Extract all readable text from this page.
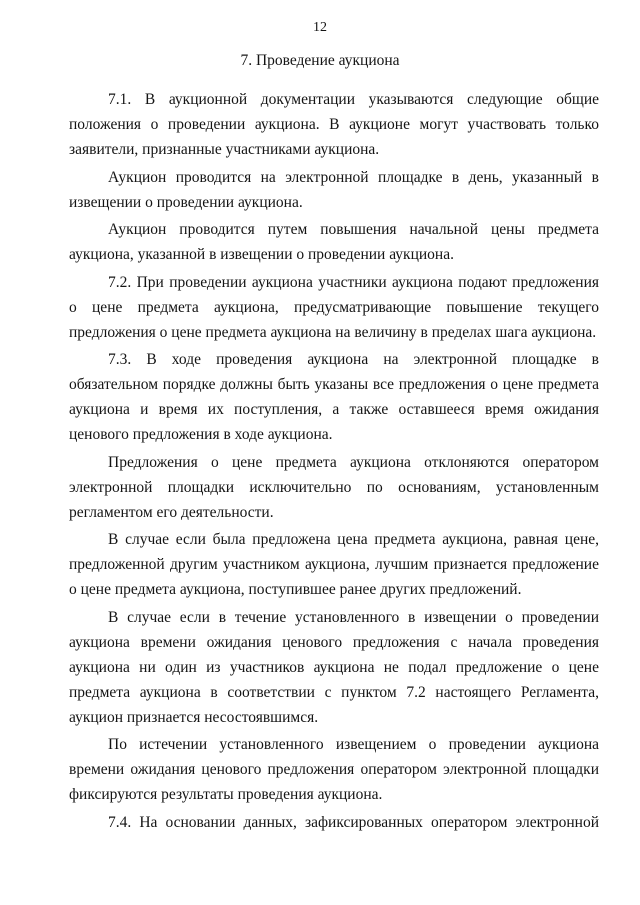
12
7. Проведение аукциона

7.1. В аукционной документации указываются следующие общие положения о проведении аукциона. В аукционе могут участвовать только заявители, признанные участниками аукциона.

Аукцион проводится на электронной площадке в день, указанный в извещении о проведении аукциона.

Аукцион проводится путем повышения начальной цены предмета аукциона, указанной в извещении о проведении аукциона.

7.2. При проведении аукциона участники аукциона подают предложения о цене предмета аукциона, предусматривающие повышение текущего предложения о цене предмета аукциона на величину в пределах шага аукциона.

7.3. В ходе проведения аукциона на электронной площадке в обязательном порядке должны быть указаны все предложения о цене предмета аукциона и время их поступления, а также оставшееся время ожидания ценового предложения в ходе аукциона.

Предложения о цене предмета аукциона отклоняются оператором электронной площадки исключительно по основаниям, установленным регламентом его деятельности.

В случае если была предложена цена предмета аукциона, равная цене, предложенной другим участником аукциона, лучшим признается предложение о цене предмета аукциона, поступившее ранее других предложений.

В случае если в течение установленного в извещении о проведении аукциона времени ожидания ценового предложения с начала проведения аукциона ни один из участников аукциона не подал предложение о цене предмета аукциона в соответствии с пунктом 7.2 настоящего Регламента, аукцион признается несостоявшимся.

По истечении установленного извещением о проведении аукциона времени ожидания ценового предложения оператором электронной площадки фиксируются результаты проведения аукциона.

7.4. На основании данных, зафиксированных оператором электронной
